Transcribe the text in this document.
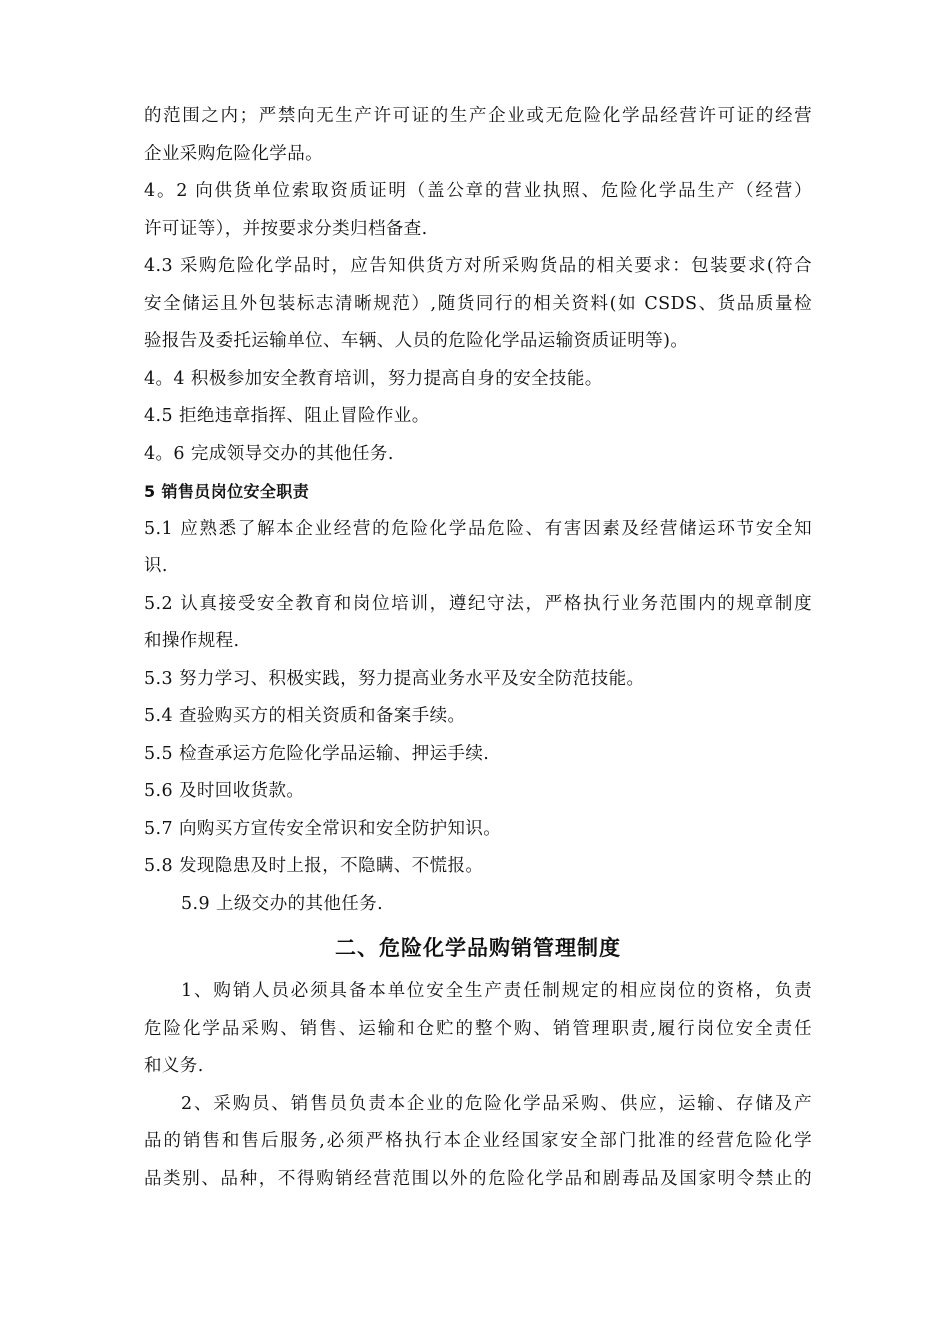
的范围之内；严禁向无生产许可证的生产企业或无危险化学品经营许可证的经营
企业采购危险化学品。
4。2 向供货单位索取资质证明（盖公章的营业执照、危险化学品生产（经营）
许可证等），并按要求分类归档备查.
4.3 采购危险化学品时，应告知供货方对所采购货品的相关要求：包装要求(符合
安全储运且外包装标志清晰规范）,随货同行的相关资料(如 CSDS、货品质量检
验报告及委托运输单位、车辆、人员的危险化学品运输资质证明等)。
4。4 积极参加安全教育培训，努力提高自身的安全技能。
4.5 拒绝违章指挥、阻止冒险作业。
4。6 完成领导交办的其他任务.
5 销售员岗位安全职责
5.1 应熟悉了解本企业经营的危险化学品危险、有害因素及经营储运环节安全知
识.
5.2 认真接受安全教育和岗位培训，遵纪守法，严格执行业务范围内的规章制度
和操作规程.
5.3 努力学习、积极实践，努力提高业务水平及安全防范技能。
5.4 查验购买方的相关资质和备案手续。
5.5 检查承运方危险化学品运输、押运手续.
5.6 及时回收货款。
5.7 向购买方宣传安全常识和安全防护知识。
5.8 发现隐患及时上报，不隐瞒、不慌报。
5.9 上级交办的其他任务.
二、危险化学品购销管理制度
1、购销人员必须具备本单位安全生产责任制规定的相应岗位的资格，负责
危险化学品采购、销售、运输和仓贮的整个购、销管理职责,履行岗位安全责任
和义务.
2、采购员、销售员负责本企业的危险化学品采购、供应，运输、存储及产
品的销售和售后服务,必须严格执行本企业经国家安全部门批准的经营危险化学
品类别、品种，不得购销经营范围以外的危险化学品和剧毒品及国家明令禁止的
